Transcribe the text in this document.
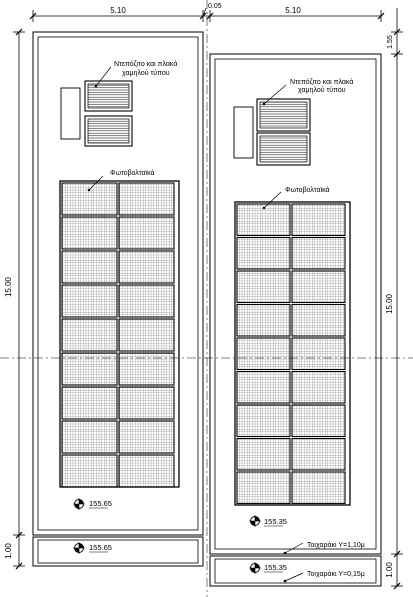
5.10	0.05	5.10
15.00
1.00
1.55
15.00
1.00
Ντεπόζιτο και πλακά
χαμηλού τύπου
Φωτοβολταϊκά
155.65
155.65
Ντεπόζιτο και πλακά
χαμηλού τύπου
Φωτοβολταϊκά
155.35
155.35
Τοιχαράκι Υ=1,10μ
Τοιχαράκι Υ=0,15μ
